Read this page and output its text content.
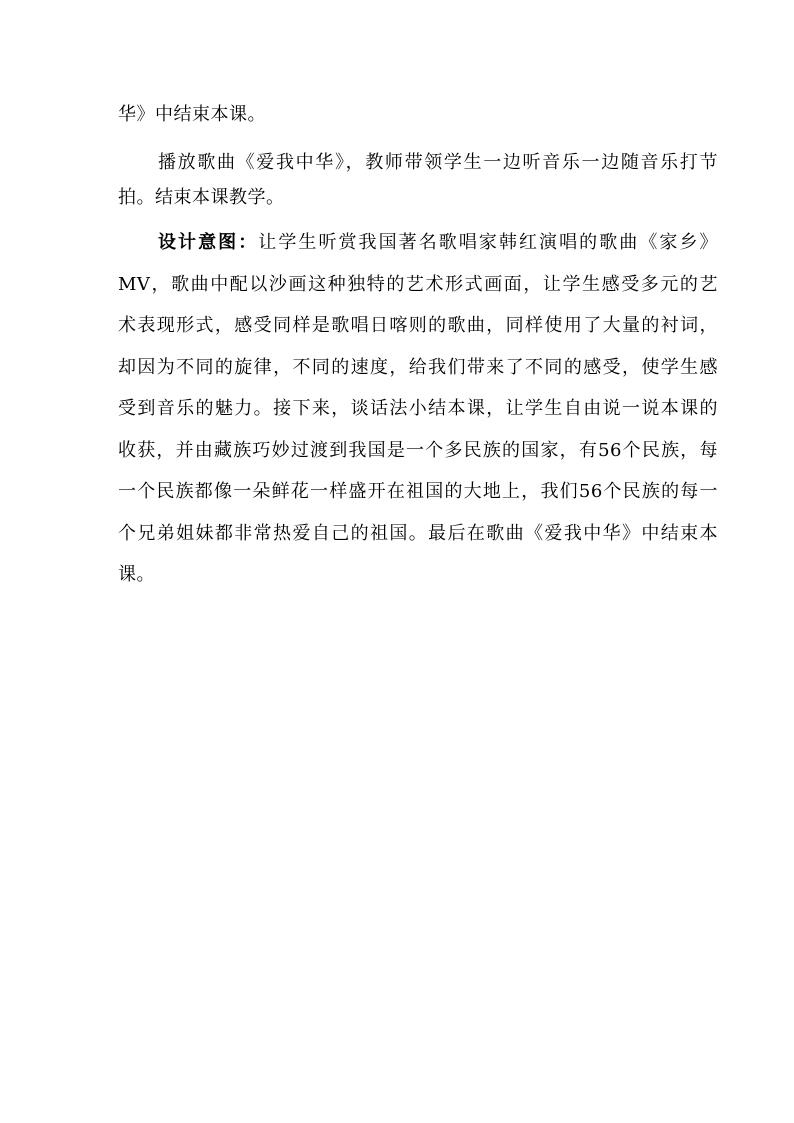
华》中结束本课。
播放歌曲《爱我中华》，教师带领学生一边听音乐一边随音乐打节
拍。结束本课教学。
设计意图：让学生听赏我国著名歌唱家韩红演唱的歌曲《家乡》
MV，歌曲中配以沙画这种独特的艺术形式画面，让学生感受多元的艺
术表现形式，感受同样是歌唱日喀则的歌曲，同样使用了大量的衬词，
却因为不同的旋律，不同的速度，给我们带来了不同的感受，使学生感
受到音乐的魅力。接下来，谈话法小结本课，让学生自由说一说本课的
收获，并由藏族巧妙过渡到我国是一个多民族的国家，有56个民族，每
一个民族都像一朵鲜花一样盛开在祖国的大地上，我们56个民族的每一
个兄弟姐妹都非常热爱自己的祖国。最后在歌曲《爱我中华》中结束本
课。
